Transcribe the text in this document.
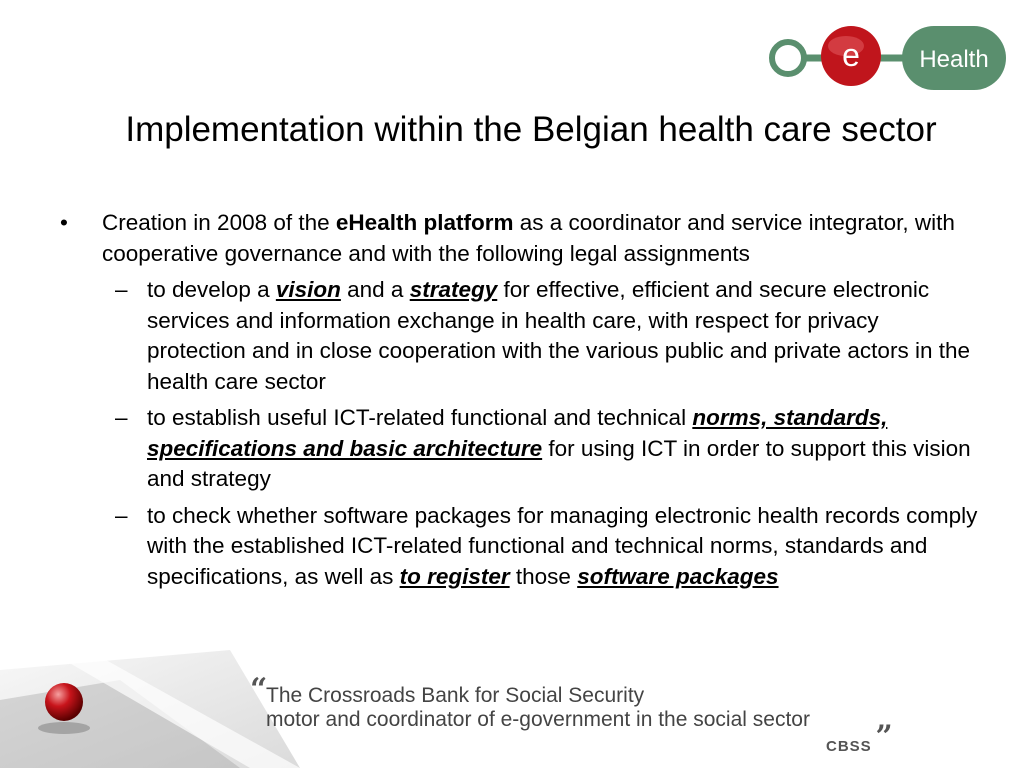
e Health
Implementation within the Belgian health care sector
• Creation in 2008 of the eHealth platform as a coordinator and service integrator, with cooperative governance and with the following legal assignments
– to develop a vision and a strategy for effective, efficient and secure electronic services and information exchange in health care, with respect for privacy protection and in close cooperation with the various public and private actors in the health care sector
– to establish useful ICT-related functional and technical norms, standards, specifications and basic architecture for using ICT in order to support this vision and strategy
– to check whether software packages for managing electronic health records comply with the established ICT-related functional and technical norms, standards and specifications, as well as to register those software packages
“
The Crossroads Bank for Social Security
motor and coordinator of e-government in the social sector	„
CBSS
